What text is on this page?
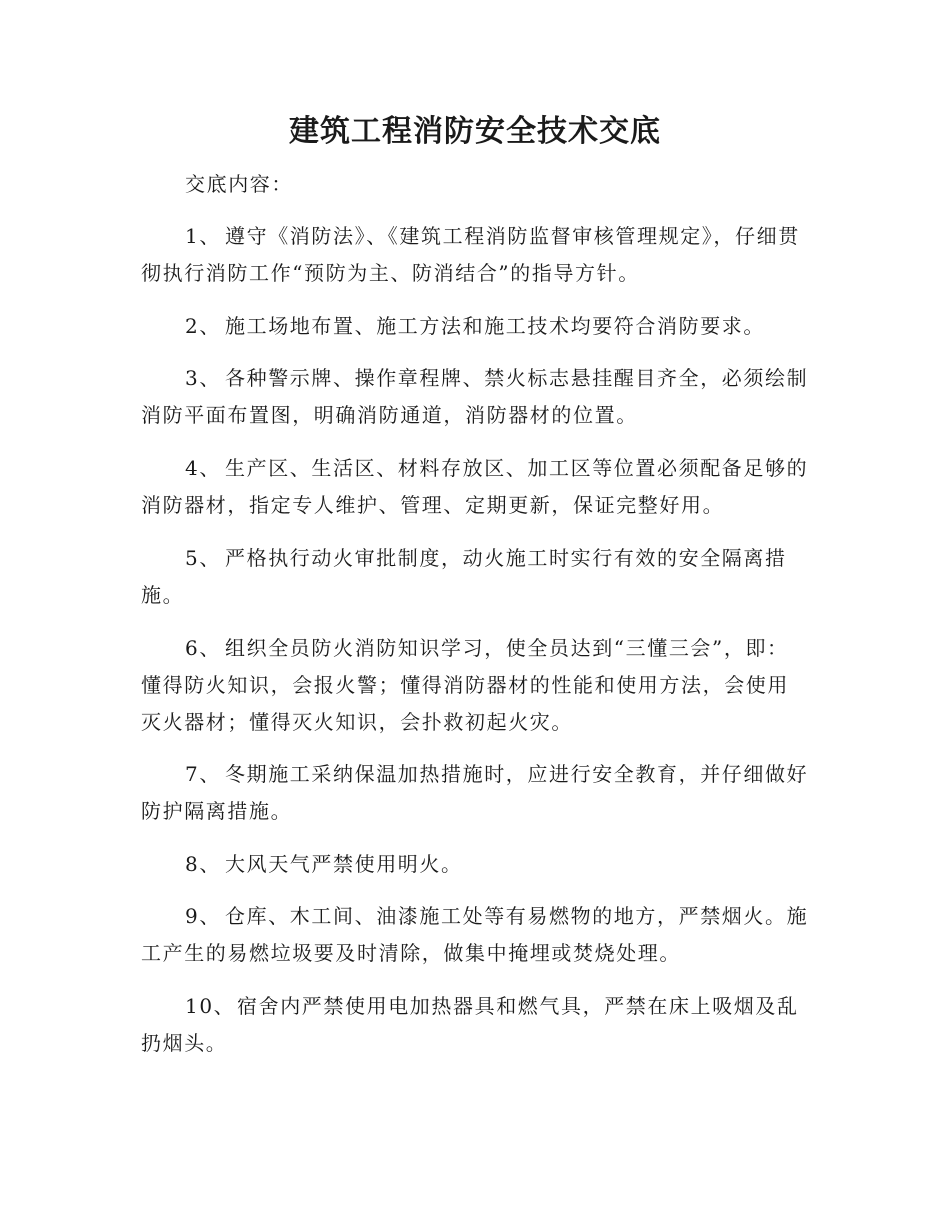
建筑工程消防安全技术交底
交底内容：
1、 遵守《消防法》、《建筑工程消防监督审核管理规定》，仔细贯彻执行消防工作“预防为主、防消结合”的指导方针。
2、 施工场地布置、施工方法和施工技术均要符合消防要求。
3、 各种警示牌、操作章程牌、禁火标志悬挂醒目齐全，必须绘制消防平面布置图，明确消防通道，消防器材的位置。
4、 生产区、生活区、材料存放区、加工区等位置必须配备足够的消防器材，指定专人维护、管理、定期更新，保证完整好用。
5、 严格执行动火审批制度，动火施工时实行有效的安全隔离措施。
6、 组织全员防火消防知识学习，使全员达到“三懂三会”，即：懂得防火知识，会报火警；懂得消防器材的性能和使用方法，会使用灭火器材；懂得灭火知识，会扑救初起火灾。
7、 冬期施工采纳保温加热措施时，应进行安全教育，并仔细做好防护隔离措施。
8、 大风天气严禁使用明火。
9、 仓库、木工间、油漆施工处等有易燃物的地方，严禁烟火。施工产生的易燃垃圾要及时清除，做集中掩埋或焚烧处理。
10、宿舍内严禁使用电加热器具和燃气具，严禁在床上吸烟及乱扔烟头。
